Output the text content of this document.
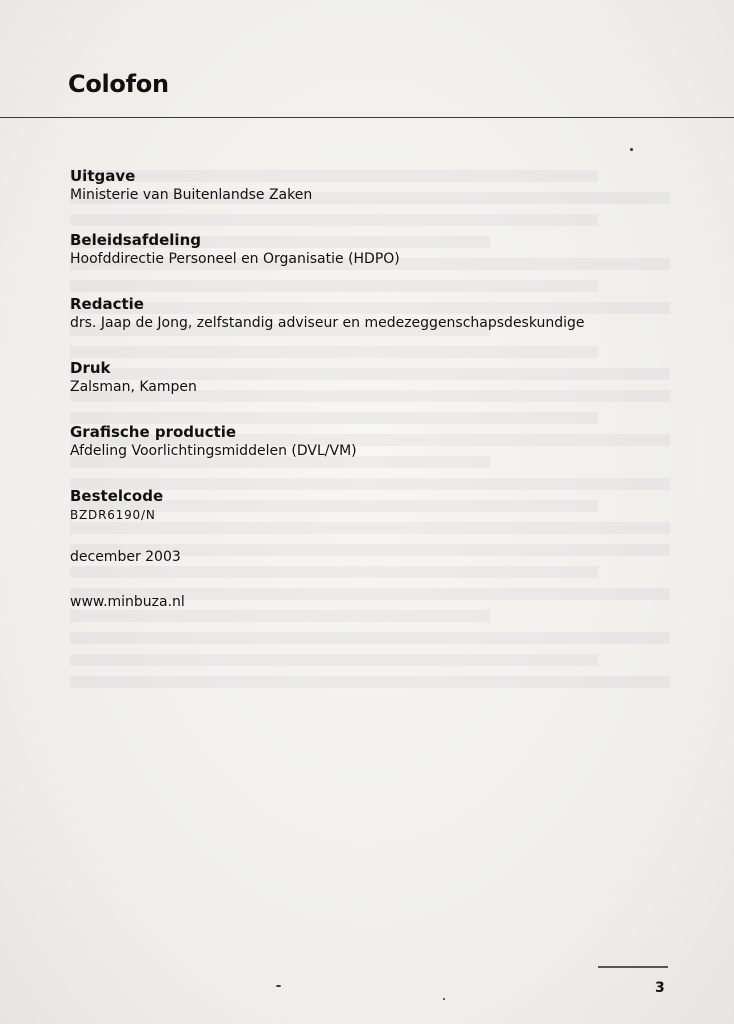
Colofon
Uitgave
Ministerie van Buitenlandse Zaken
Beleidsafdeling
Hoofddirectie Personeel en Organisatie (HDPO)
Redactie
drs. Jaap de Jong, zelfstandig adviseur en medezeggenschapsdeskundige
Druk
Zalsman, Kampen
Grafische productie
Afdeling Voorlichtingsmiddelen (DVL/VM)
Bestelcode
BZDR6190/N
december 2003
www.minbuza.nl
3
